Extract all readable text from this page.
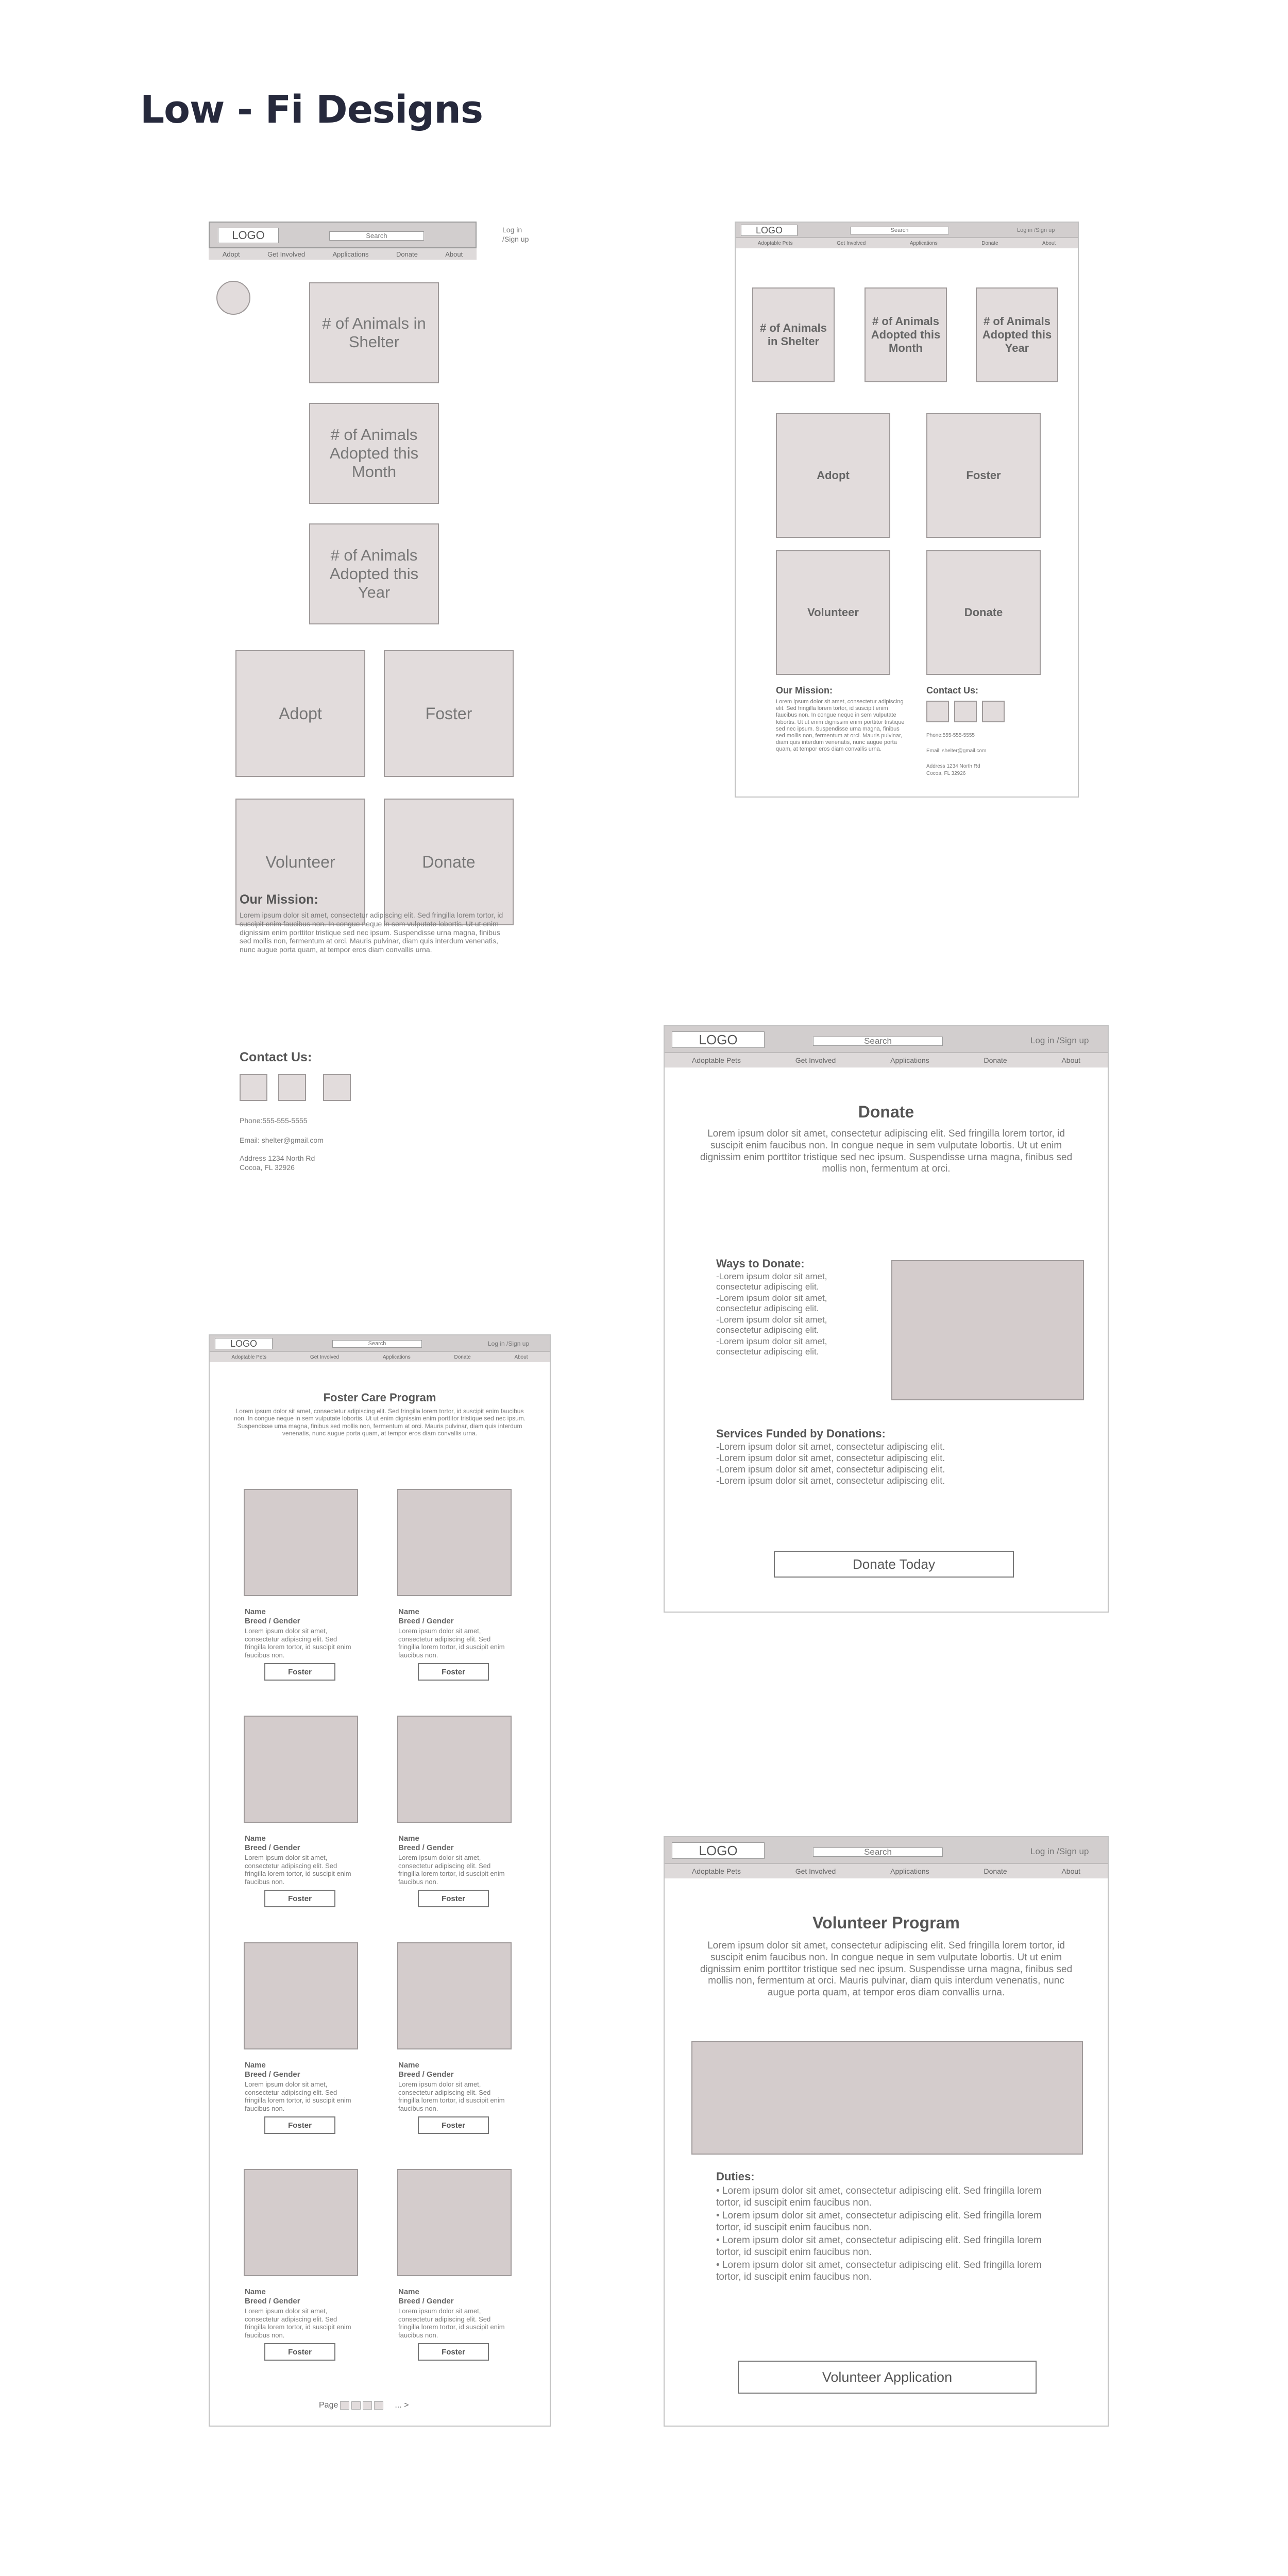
Low - Fi Designs
LOGO	Search
Log in
/Sign up
Adopt	Get Involved	Applications	Donate	About
# of Animals in Shelter
# of Animals Adopted this Month
# of Animals Adopted this Year
Adopt	Foster
Volunteer	Donate
Our Mission:
Lorem ipsum dolor sit amet, consectetur adipiscing elit. Sed fringilla lorem tortor, id suscipit enim faucibus non. In congue neque in sem vulputate lobortis. Ut ut enim dignissim enim porttitor tristique sed nec ipsum. Suspendisse urna magna, finibus sed mollis non, fermentum at orci. Mauris pulvinar, diam quis interdum venenatis, nunc augue porta quam, at tempor eros diam convallis urna.
Contact Us:
Phone:555-555-5555
Email: shelter@gmail.com
Address 1234 North Rd
Cocoa, FL 32926
LOGO	Search	Log in /Sign up
Adoptable Pets	Get Involved	Applications	Donate	About
# of Animals in Shelter
# of Animals Adopted this Month
# of Animals Adopted this Year
Adopt	Foster
Volunteer	Donate
Our Mission:
Lorem ipsum dolor sit amet, consectetur adipiscing elit. Sed fringilla lorem tortor, id suscipit enim faucibus non. In congue neque in sem vulputate lobortis. Ut ut enim dignissim enim porttitor tristique sed nec ipsum. Suspendisse urna magna, finibus sed mollis non, fermentum at orci. Mauris pulvinar, diam quis interdum venenatis, nunc augue porta quam, at tempor eros diam convallis urna.
Contact Us:
Phone:555-555-5555
Email: shelter@gmail.com
Address 1234 North Rd
Cocoa, FL 32926
LOGO	Search	Log in /Sign up
Adoptable Pets	Get Involved	Applications	Donate	About
Donate
Lorem ipsum dolor sit amet, consectetur adipiscing elit. Sed fringilla lorem tortor, id suscipit enim faucibus non. In congue neque in sem vulputate lobortis. Ut ut enim dignissim enim porttitor tristique sed nec ipsum. Suspendisse urna magna, finibus sed mollis non, fermentum at orci.
Ways to Donate:
-Lorem ipsum dolor sit amet, consectetur adipiscing elit.
-Lorem ipsum dolor sit amet, consectetur adipiscing elit.
-Lorem ipsum dolor sit amet, consectetur adipiscing elit.
-Lorem ipsum dolor sit amet, consectetur adipiscing elit.
Services Funded by Donations:
-Lorem ipsum dolor sit amet, consectetur adipiscing elit.
-Lorem ipsum dolor sit amet, consectetur adipiscing elit.
-Lorem ipsum dolor sit amet, consectetur adipiscing elit.
-Lorem ipsum dolor sit amet, consectetur adipiscing elit.
Donate Today
LOGO	Search	Log in /Sign up
Adoptable Pets	Get Involved	Applications	Donate	About
Foster Care Program
Lorem ipsum dolor sit amet, consectetur adipiscing elit. Sed fringilla lorem tortor, id suscipit enim faucibus non. In congue neque in sem vulputate lobortis. Ut ut enim dignissim enim porttitor tristique sed nec ipsum. Suspendisse urna magna, finibus sed mollis non, fermentum at orci. Mauris pulvinar, diam quis interdum venenatis, nunc augue porta quam, at tempor eros diam convallis urna.
Name
Breed / Gender
Lorem ipsum dolor sit amet, consectetur adipiscing elit. Sed fringilla lorem tortor, id suscipit enim faucibus non.
Foster
Name
Breed / Gender
Lorem ipsum dolor sit amet, consectetur adipiscing elit. Sed fringilla lorem tortor, id suscipit enim faucibus non.
Foster
Name
Breed / Gender
Lorem ipsum dolor sit amet, consectetur adipiscing elit. Sed fringilla lorem tortor, id suscipit enim faucibus non.
Foster
Name
Breed / Gender
Lorem ipsum dolor sit amet, consectetur adipiscing elit. Sed fringilla lorem tortor, id suscipit enim faucibus non.
Foster
Name
Breed / Gender
Lorem ipsum dolor sit amet, consectetur adipiscing elit. Sed fringilla lorem tortor, id suscipit enim faucibus non.
Foster
Name
Breed / Gender
Lorem ipsum dolor sit amet, consectetur adipiscing elit. Sed fringilla lorem tortor, id suscipit enim faucibus non.
Foster
Name
Breed / Gender
Lorem ipsum dolor sit amet, consectetur adipiscing elit. Sed fringilla lorem tortor, id suscipit enim faucibus non.
Foster
Name
Breed / Gender
Lorem ipsum dolor sit amet, consectetur adipiscing elit. Sed fringilla lorem tortor, id suscipit enim faucibus non.
Foster
Page	... >
LOGO	Search	Log in /Sign up
Adoptable Pets	Get Involved	Applications	Donate	About
Volunteer Program
Lorem ipsum dolor sit amet, consectetur adipiscing elit. Sed fringilla lorem tortor, id suscipit enim faucibus non. In congue neque in sem vulputate lobortis. Ut ut enim dignissim enim porttitor tristique sed nec ipsum. Suspendisse urna magna, finibus sed mollis non, fermentum at orci. Mauris pulvinar, diam quis interdum venenatis, nunc augue porta quam, at tempor eros diam convallis urna.
Duties:
• Lorem ipsum dolor sit amet, consectetur adipiscing elit. Sed fringilla lorem tortor, id suscipit enim faucibus non.
• Lorem ipsum dolor sit amet, consectetur adipiscing elit. Sed fringilla lorem tortor, id suscipit enim faucibus non.
• Lorem ipsum dolor sit amet, consectetur adipiscing elit. Sed fringilla lorem tortor, id suscipit enim faucibus non.
• Lorem ipsum dolor sit amet, consectetur adipiscing elit. Sed fringilla lorem tortor, id suscipit enim faucibus non.
Volunteer Application
